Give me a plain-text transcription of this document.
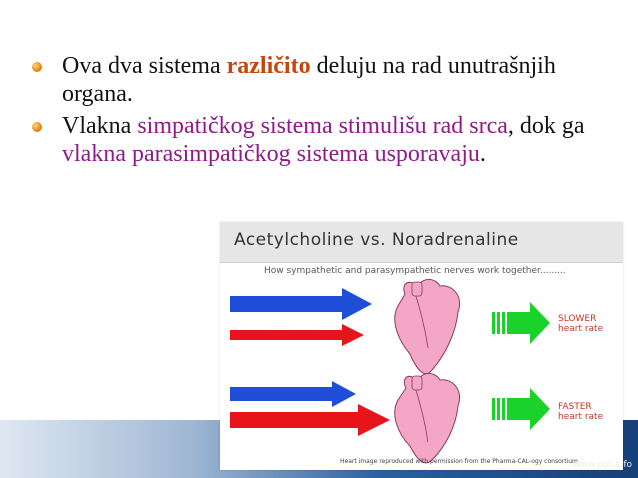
Ova dva sistema različito deluju na rad unutrašnjih organa.
Vlakna simpatičkog sistema stimulišu rad srca, dok ga vlakna parasimpatičkog sistema usporavaju.
Acetylcholine vs. Noradrenaline
How sympathetic and parasympathetic nerves work together.........
Acetylcholine
Noradrenaline
SLOWER
heart rate
Acetylcholine
Noradrenaline
FASTER
heart rate
Heart image reproduced with permission from the Pharma-CAL-ogy consortium
www.ppt.info
